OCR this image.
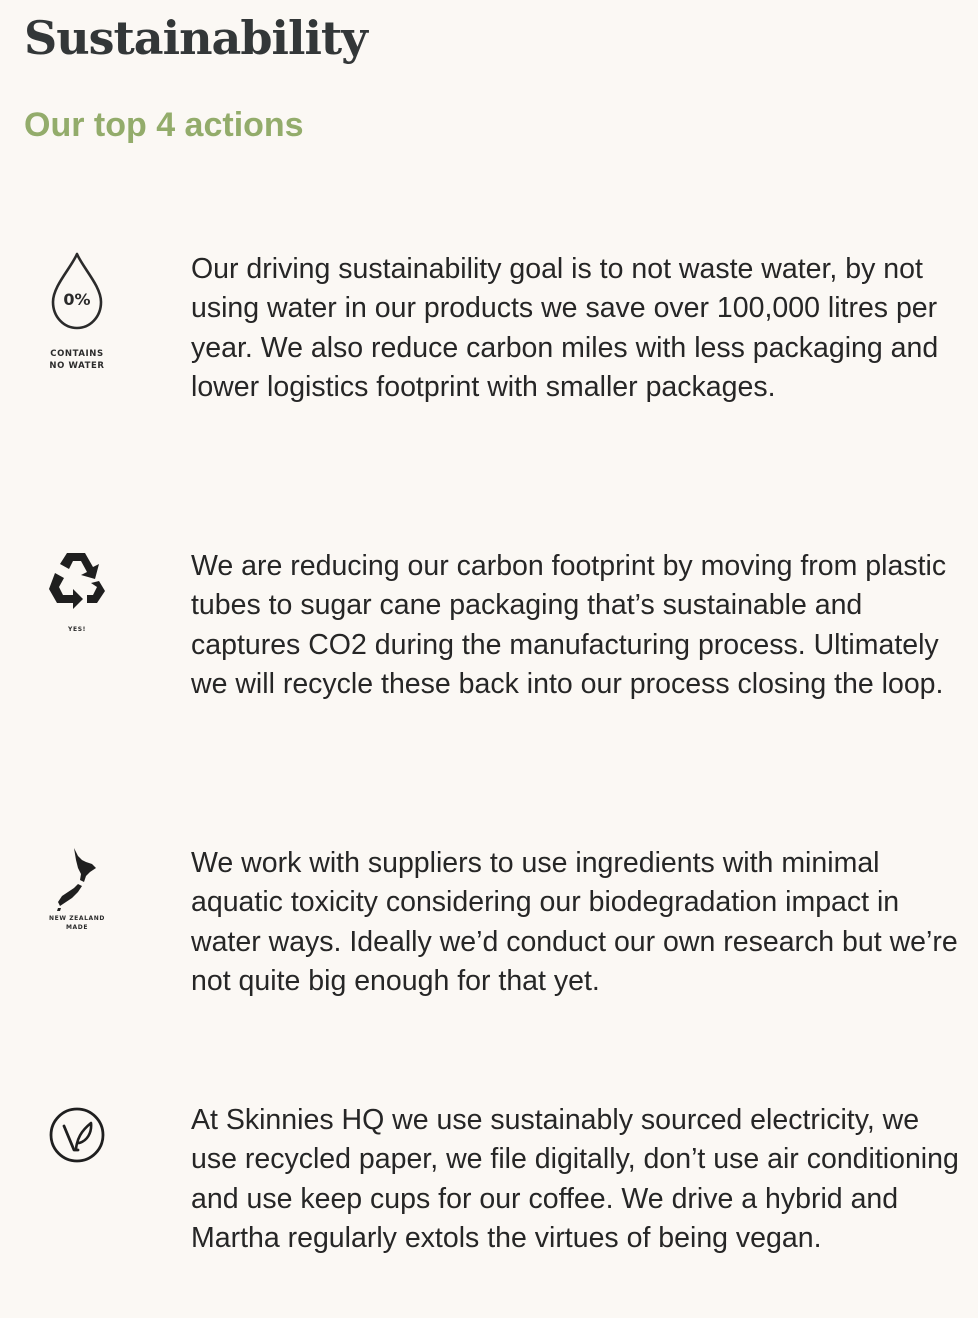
Sustainability
Our top 4 actions
0%
CONTAINS
NO WATER

Our driving sustainability goal is to not waste water, by not using water in our products we save over 100,000 litres per year. We also reduce carbon miles with less packaging and lower logistics footprint with smaller packages.

YES!

We are reducing our carbon footprint by moving from plastic tubes to sugar cane packaging that’s sustainable and captures CO2 during the manufacturing process. Ultimately we will recycle these back into our process closing the loop.

NEW ZEALAND
MADE

We work with suppliers to use ingredients with minimal aquatic toxicity considering our biodegradation impact in water ways. Ideally we’d conduct our own research but we’re not quite big enough for that yet.

At Skinnies HQ we use sustainably sourced electricity, we use recycled paper, we file digitally, don’t use air conditioning and use keep cups for our coffee. We drive a hybrid and Martha regularly extols the virtues of being vegan.
